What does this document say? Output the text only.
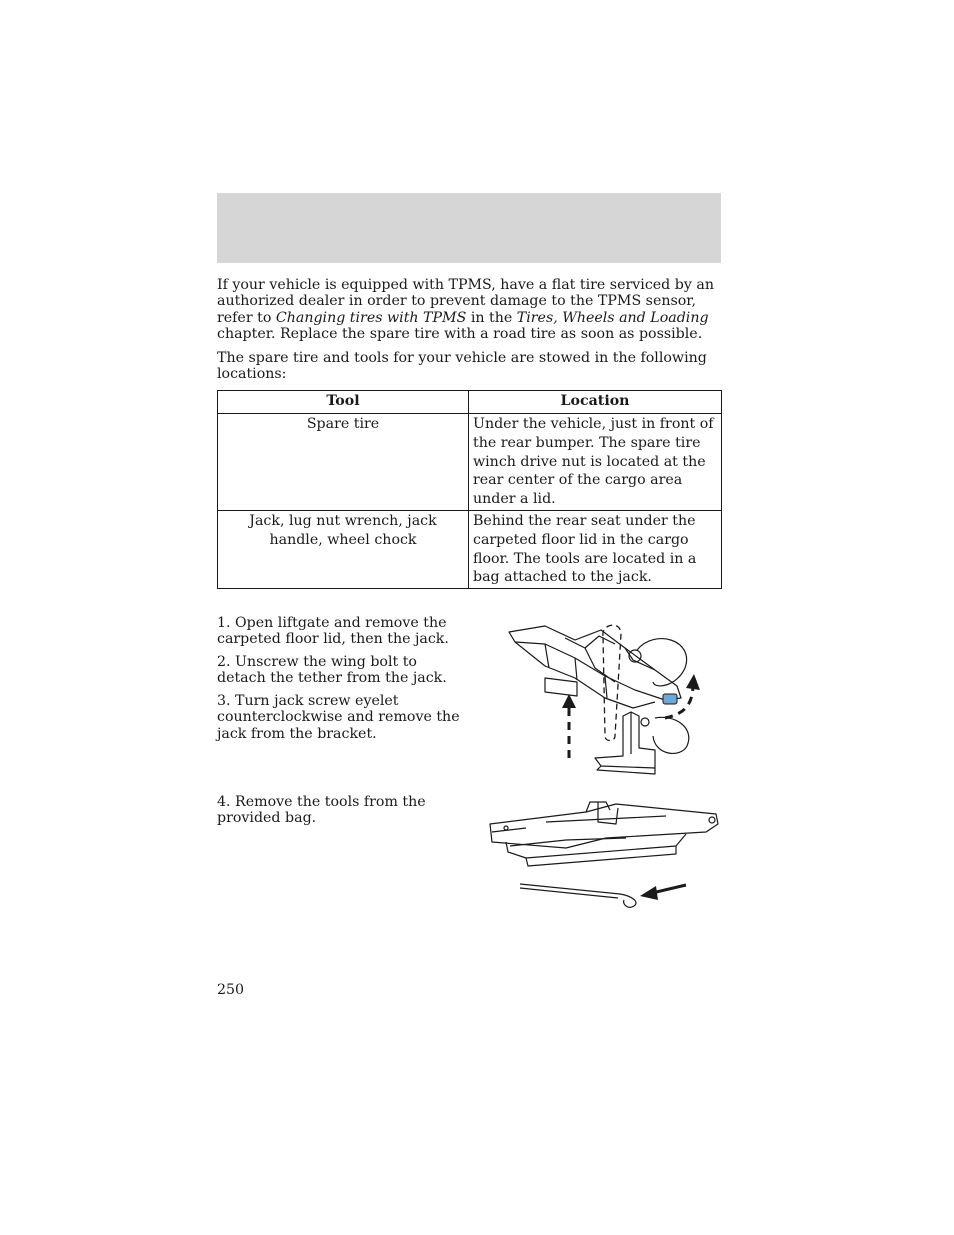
If your vehicle is equipped with TPMS, have a flat tire serviced by an authorized dealer in order to prevent damage to the TPMS sensor, refer to Changing tires with TPMS in the Tires, Wheels and Loading chapter. Replace the spare tire with a road tire as soon as possible.

The spare tire and tools for your vehicle are stowed in the following locations:

Tool	Location
Spare tire	Under the vehicle, just in front of the rear bumper. The spare tire winch drive nut is located at the rear center of the cargo area under a lid.
Jack, lug nut wrench, jack handle, wheel chock	Behind the rear seat under the carpeted floor lid in the cargo floor. The tools are located in a bag attached to the jack.

1. Open liftgate and remove the carpeted floor lid, then the jack.

2. Unscrew the wing bolt to detach the tether from the jack.

3. Turn jack screw eyelet counterclockwise and remove the jack from the bracket.

4. Remove the tools from the provided bag.

250
